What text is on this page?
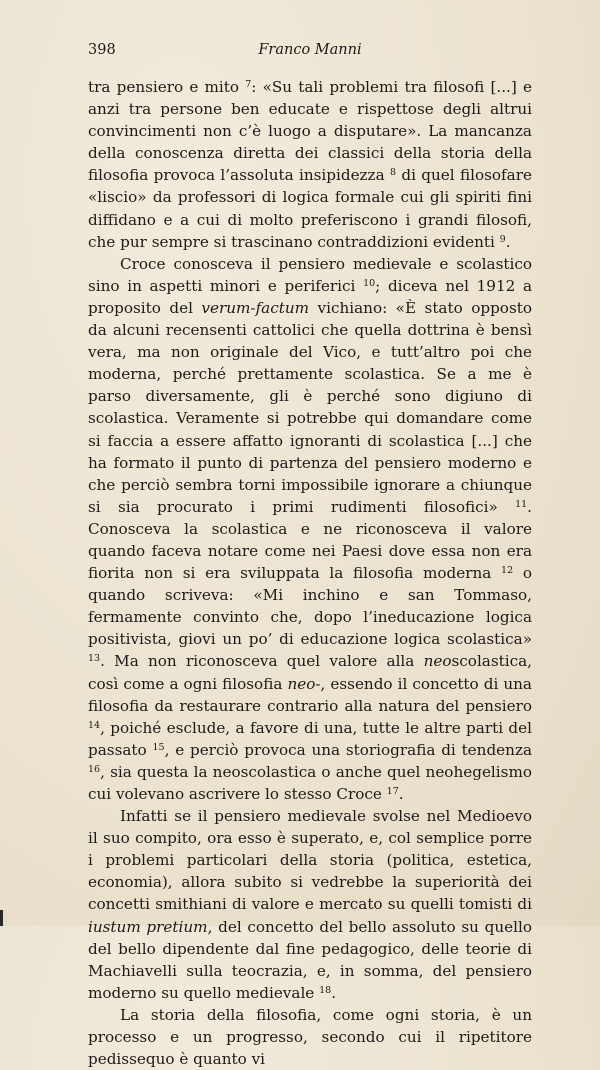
398	Franco Manni

tra pensiero e mito $^7$: «Su tali problemi tra filosofi [...] e anzi tra persone ben educate e rispettose degli altrui convincimenti non c’è luogo a disputare». La mancanza della conoscenza diretta dei classici della storia della filosofia provoca l’assoluta insipidezza $^8$ di quel filosofare «liscio» da professori di logica formale cui gli spiriti fini diffidano e a cui di molto preferiscono i grandi filosofi, che pur sempre si trascinano contraddizioni evidenti $^9$.

Croce conosceva il pensiero medievale e scolastico sino in aspetti minori e periferici $^{10}$; diceva nel 1912 a proposito del verum-factum vichiano: «È stato opposto da alcuni recensenti cattolici che quella dottrina è bensì vera, ma non originale del Vico, e tutt’altro poi che moderna, perché prettamente scolastica. Se a me è parso diversamente, gli è perché sono digiuno di scolastica. Veramente si potrebbe qui domandare come si faccia a essere affatto ignoranti di scolastica [...] che ha formato il punto di partenza del pensiero moderno e che perciò sembra torni impossibile ignorare a chiunque si sia procurato i primi rudimenti filosofici» $^{11}$. Conosceva la scolastica e ne riconosceva il valore quando faceva notare come nei Paesi dove essa non era fiorita non si era sviluppata la filosofia moderna $^{12}$ o quando scriveva: «Mi inchino e san Tommaso, fermamente convinto che, dopo l’ineducazione logica positivista, giovi un po’ di educazione logica scolastica» $^{13}$. Ma non riconosceva quel valore alla neoscolastica, così come a ogni filosofia neo-, essendo il concetto di una filosofia da restaurare contrario alla natura del pensiero $^{14}$, poiché esclude, a favore di una, tutte le altre parti del passato $^{15}$, e perciò provoca una storiografia di tendenza $^{16}$, sia questa la neoscolastica o anche quel neohegelismo cui volevano ascrivere lo stesso Croce $^{17}$.

Infatti se il pensiero medievale svolse nel Medioevo il suo compito, ora esso è superato, e, col semplice porre i problemi particolari della storia (politica, estetica, economia), allora subito si vedrebbe la superiorità dei concetti smithiani di valore e mercato su quelli tomisti di iustum pretium, del concetto del bello assoluto su quello del bello dipendente dal fine pedagogico, delle teorie di Machiavelli sulla teocrazia, e, in somma, del pensiero moderno su quello medievale $^{18}$.

La storia della filosofia, come ogni storia, è un processo e un progresso, secondo cui il ripetitore pedissequo è quanto vi
